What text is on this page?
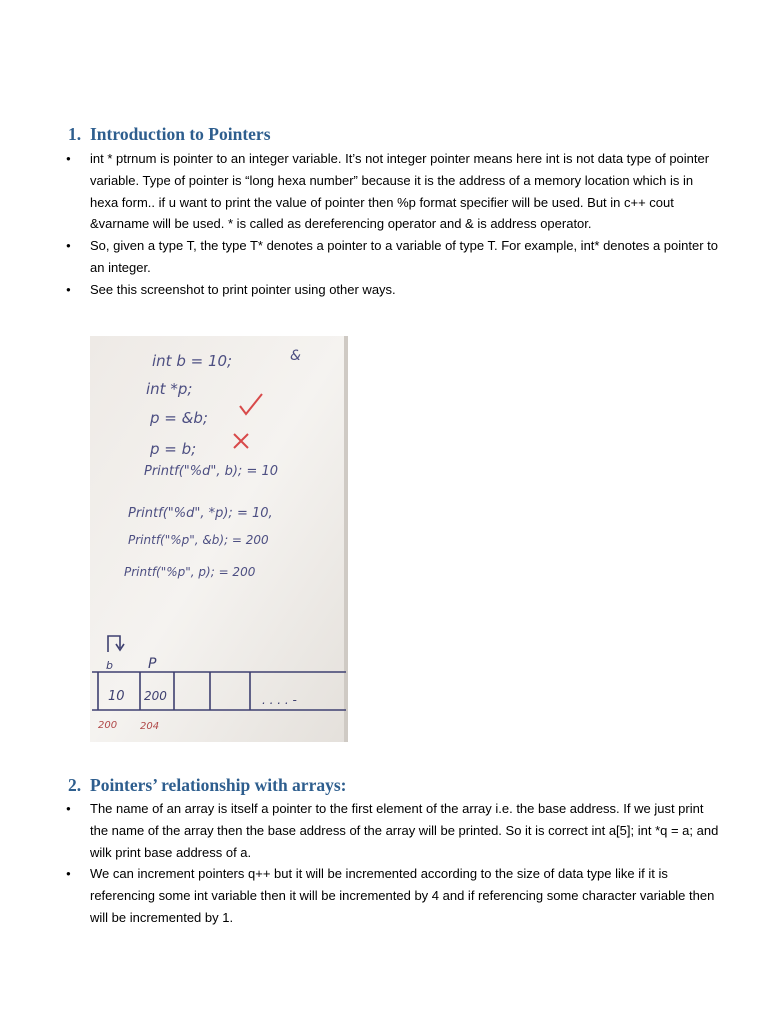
1. Introduction to Pointers
● int * ptrnum is pointer to an integer variable. It’s not integer pointer means here int is not data type of pointer variable. Type of pointer is “long hexa number” because it is the address of a memory location which is in hexa form.. if u want to print the value of pointer then %p format specifier will be used. But in c++ cout &varname will be used. * is called as dereferencing operator and & is address operator.
● So, given a type T, the type T* denotes a pointer to a variable of type T. For example, int* denotes a pointer to an integer.
● See this screenshot to print pointer using other ways.
int b = 10;	&
int *p;
p = &b;
p = b;
Printf("%d", b); = 10
Printf("%d", *p); = 10,
Printf("%p", &b); = 200
Printf("%p", p); = 200
b	P
10 200	. . . . -
200 204
2. Pointers’ relationship with arrays:
● The name of an array is itself a pointer to the first element of the array i.e. the base address. If we just print the name of the array then the base address of the array will be printed. So it is correct int a[5]; int *q = a; and wilk print base address of a.
● We can increment pointers q++ but it will be incremented according to the size of data type like if it is referencing some int variable then it will be incremented by 4 and if referencing some character variable then will be incremented by 1.
